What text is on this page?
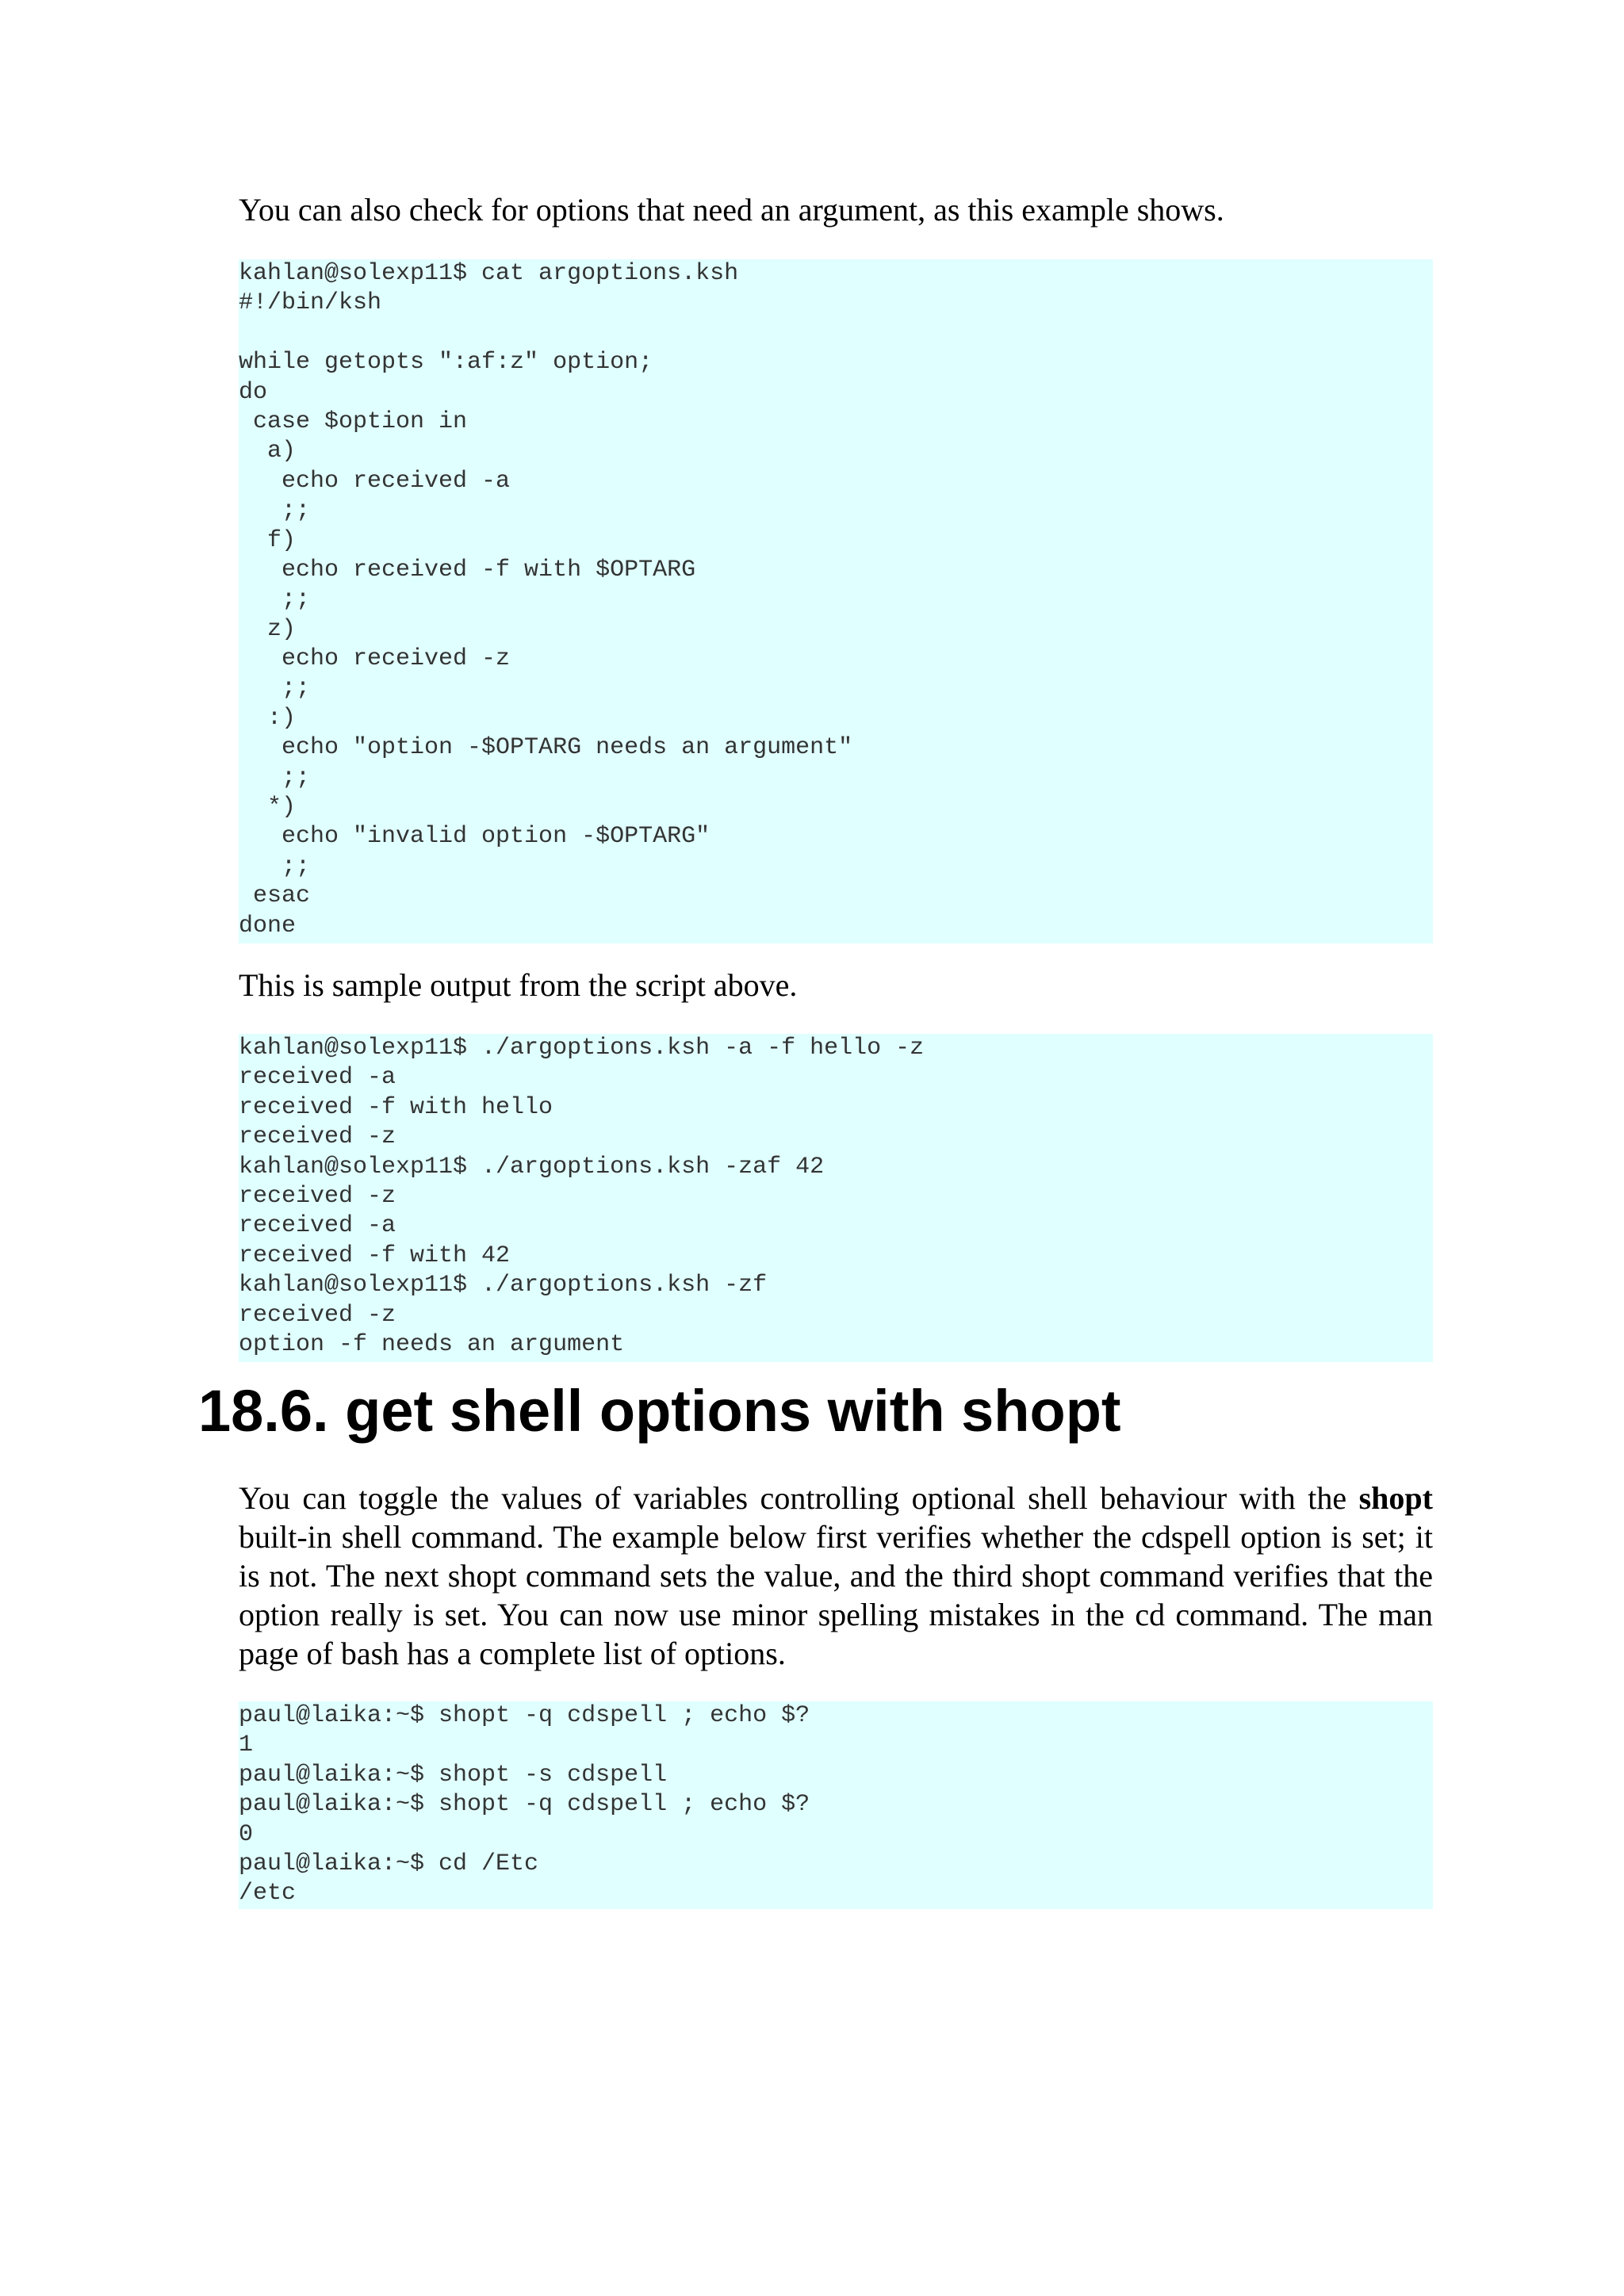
You can also check for options that need an argument, as this example shows.

kahlan@solexp11$ cat argoptions.ksh
#!/bin/ksh

while getopts ":af:z" option;
do
case $option in
a)
echo received -a
;;
f)
echo received -f with $OPTARG
;;
z)
echo received -z
;;
:)
echo "option -$OPTARG needs an argument"
;;
*)
echo "invalid option -$OPTARG"
;;
esac
done

This is sample output from the script above.

kahlan@solexp11$ ./argoptions.ksh -a -f hello -z
received -a
received -f with hello
received -z
kahlan@solexp11$ ./argoptions.ksh -zaf 42
received -z
received -a
received -f with 42
kahlan@solexp11$ ./argoptions.ksh -zf
received -z
option -f needs an argument
18.6. get shell options with shopt

You can toggle the values of variables controlling optional shell behaviour with the shopt built-in shell command. The example below first verifies whether the cdspell option is set; it is not. The next shopt command sets the value, and the third shopt command verifies that the option really is set. You can now use minor spelling mistakes in the cd command. The man page of bash has a complete list of options.

paul@laika:~$ shopt -q cdspell ; echo $?
1
paul@laika:~$ shopt -s cdspell
paul@laika:~$ shopt -q cdspell ; echo $?
0
paul@laika:~$ cd /Etc
/etc
